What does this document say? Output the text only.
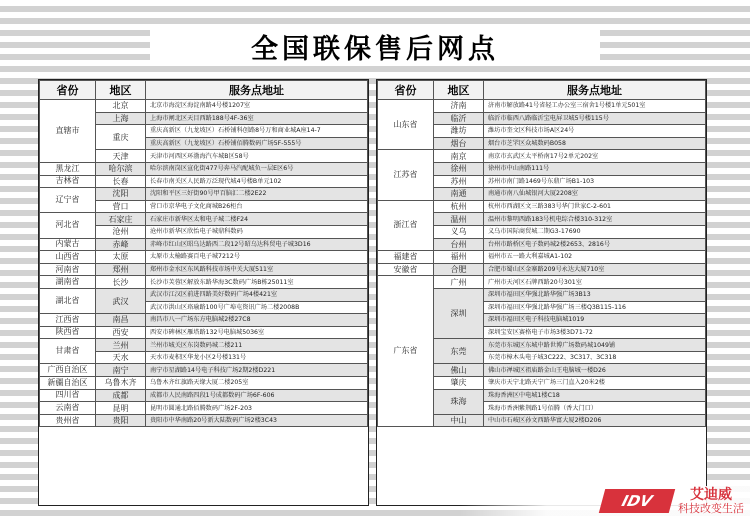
全国联保售后网点
省份	地区	服务点地址
直辖市	北京	北京市海淀区海淀南路4号楼1207室
	上海	上海市闸北区天目西路188号4F-36室
	重庆	重庆高新区（九龙坡区）石桥铺科创路8号万和商业城A座14-7
		重庆高新区（九龙坡区）石桥铺佰腾数码广场5F-555号
	天津	天津市河西区环渤海汽车城B区58号
黑龙江	哈尔滨	哈尔滨南岗区宣化街477号奔马汽配城负一层E区6号
吉林省	长春	长春市南关区人民路万泛现代城4号楼B单元102
辽宁省	沈阳	沈阳和平区三好街90号甲百脑汇二楼2E22
	营口	营口市京华电子文化商城B26柜台
河北省	石家庄	石家庄市新华区太和电子城二楼F24
	沧州	沧州市新华区欣怡电子城鼎科数码
内蒙古	赤峰	赤峰市红山区昭乌达路西二段12号昭乌达科贸电子城3D16
山西省	太原	太原市太榆路赛百电子城7212号
河南省	郑州	郑州市金水区东风路科技市场中关大厦511室
湖南省	长沙	长沙市芙蓉区解放东路华海3C数码广场B栋25011室
湖北省	武汉	武汉市江汉区前进四路美好数码广场4楼421室
		武汉市洪山区珞瑜路100号广埠屯资讯广场二楼2008B
江西省	南昌	南昌市八一广场东方电脑城2楼27C8
陕西省	西安	西安市碑林区雁塔路132号电脑城5036室
甘肃省	兰州	兰州市城关区东岗数码城二楼211
	天水	天水市麦积区华龙小区2号楼131号
广西自治区	南宁	南宁市星湖路14号电子科技广场2期2楼D221
新疆自治区	乌鲁木齐	乌鲁木齐红旗路天缘大厦二楼205室
四川省	成都	成都市人民南路四段1号成都数码广场6F-606
云南省	昆明	昆明市圆通北路佰腾数码广场2F-203
贵州省	贵阳	贵阳市中华南路20号新大陆数码广场2楼3C43
省份	地区	服务点地址
山东省	济南	济南市解放路41号省轻工办公室三宿舍1号楼1单元501室
	临沂	临沂市临西八路临沂宝电屏卫城5号楼115号
	潍坊	潍坊市奎文区科技市场A区24号
	烟台	烟台市芝罘区众城数码B058
江苏省	南京	南京市玄武区太平桥南17号2单元202室
	徐州	徐州市中山南路111号
	苏州	苏州市南门路1469号东鼎广场B1-103
	南通	南通市南八仙城银河大厦2208室
浙江省	杭州	杭州市西湖区文三路383号华门世家C-2-601
	温州	温州市黎明西路183号机电综合楼310-312室
	义乌	义乌市国际商贸城二期G3-17690
	台州	台州市路桥区电子数码城2楼2653、2816号
福建省	福州	福州市五一路大利嘉城A1-102
安徽省	合肥	合肥市蜀山区金寨路209号永达大厦710室
广东省	广州	广州市天河区石牌西路20号301室
	深圳	深圳市福田区华强北路华强广场3B13
		深圳市福田区华强北路华强广场三楼Q3B115-116
		深圳市福田区电子科技电脑城1019
		深圳宝安区赛格电子市场3楼3D71-72
	东莞	东莞市东城区东城中路世博广场数码城1049铺
		东莞市樟木头电子城3C222、3C317、3C318
	佛山	佛山市禅城区祖庙路金山王电脑城一楼D26
	肇庆	肇庆市天宁北路天宁广场三门直入20米2楼
	珠海	珠海香洲区中电城1楼C18
		珠海市香洲紫荆路1号佰腾（香大门口）
	中山	中山市石岐区孙文西路华富大厦2楼D206
IDV	艾迪威
科技改变生活
